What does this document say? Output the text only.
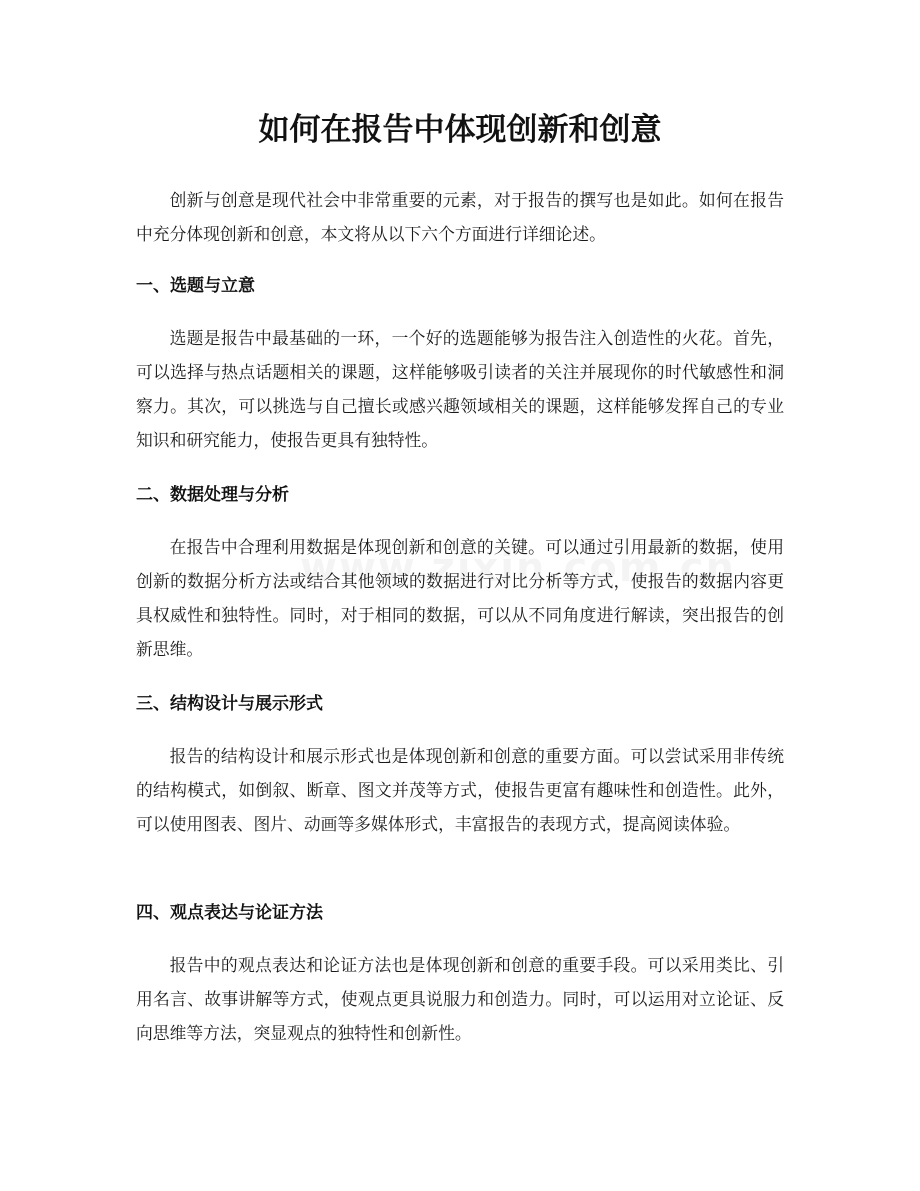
如何在报告中体现创新和创意

创新与创意是现代社会中非常重要的元素，对于报告的撰写也是如此。如何在报告中充分体现创新和创意，本文将从以下六个方面进行详细论述。

一、选题与立意

选题是报告中最基础的一环，一个好的选题能够为报告注入创造性的火花。首先，可以选择与热点话题相关的课题，这样能够吸引读者的关注并展现你的时代敏感性和洞察力。其次，可以挑选与自己擅长或感兴趣领域相关的课题，这样能够发挥自己的专业知识和研究能力，使报告更具有独特性。

二、数据处理与分析

在报告中合理利用数据是体现创新和创意的关键。可以通过引用最新的数据，使用创新的数据分析方法或结合其他领域的数据进行对比分析等方式，使报告的数据内容更具权威性和独特性。同时，对于相同的数据，可以从不同角度进行解读，突出报告的创新思维。

三、结构设计与展示形式

报告的结构设计和展示形式也是体现创新和创意的重要方面。可以尝试采用非传统的结构模式，如倒叙、断章、图文并茂等方式，使报告更富有趣味性和创造性。此外，可以使用图表、图片、动画等多媒体形式，丰富报告的表现方式，提高阅读体验。

四、观点表达与论证方法

报告中的观点表达和论证方法也是体现创新和创意的重要手段。可以采用类比、引用名言、故事讲解等方式，使观点更具说服力和创造力。同时，可以运用对立论证、反向思维等方法，突显观点的独特性和创新性。
